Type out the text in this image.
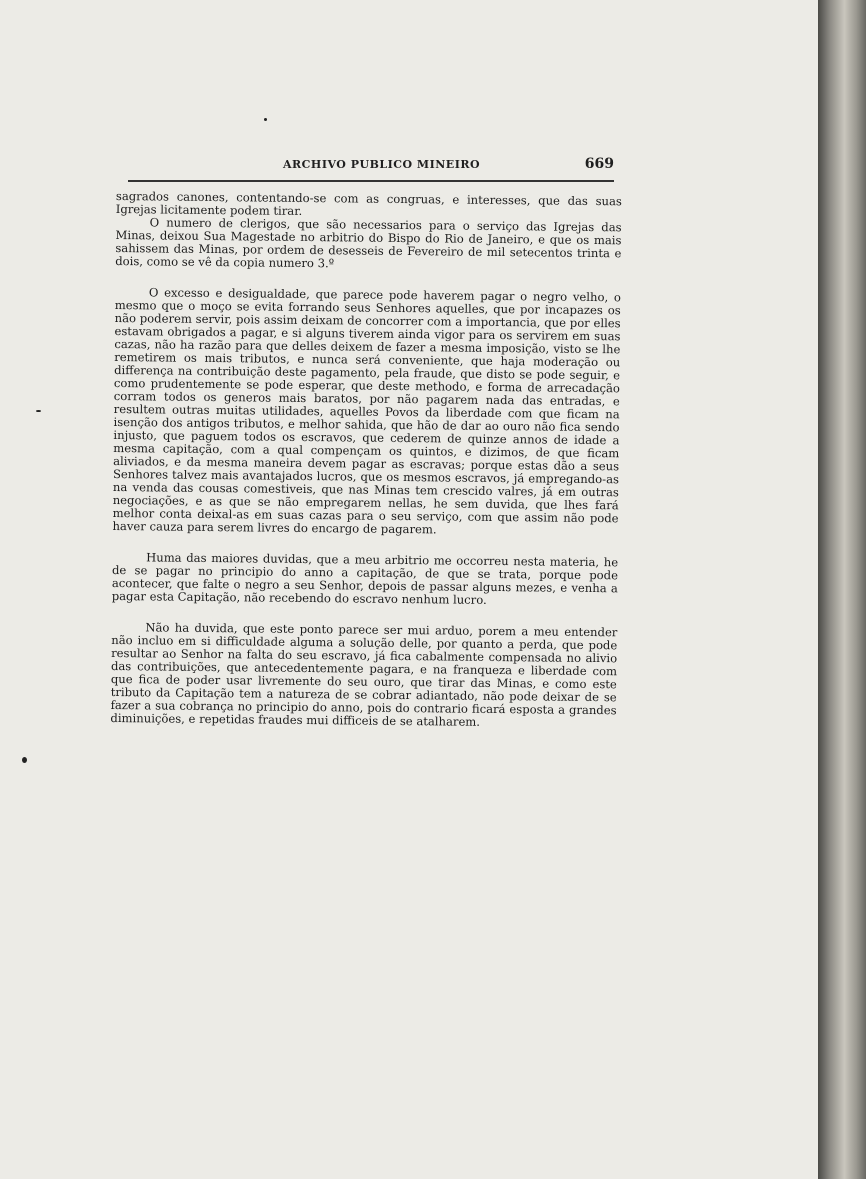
ARCHIVO PUBLICO MINEIRO	669

sagrados canones, contentando-se com as congruas, e interesses, que das suas Igrejas licitamente podem tirar.

O numero de clerigos, que são necessarios para o serviço das Igrejas das Minas, deixou Sua Magestade no arbitrio do Bispo do Rio de Janeiro, e que os mais sahissem das Minas, por ordem de desesseis de Fevereiro de mil setecentos trinta e dois, como se vê da copia numero 3.º

O excesso e desigualdade, que parece pode haverem pagar o negro velho, o mesmo que o moço se evita forrando seus Senhores aquelles, que por incapazes os não poderem servir, pois assim deixam de concorrer com a importancia, que por elles estavam obrigados a pagar, e si alguns tiverem ainda vigor para os servirem em suas cazas, não ha razão para que delles deixem de fazer a mesma imposição, visto se lhe remetirem os mais tributos, e nunca será conveniente, que haja moderação ou differença na contribuição deste pagamento, pela fraude, que disto se pode seguir, e como prudentemente se pode esperar, que deste methodo, e forma de arrecadação corram todos os generos mais baratos, por não pagarem nada das entradas, e resultem outras muitas utilidades, aquelles Povos da liberdade com que ficam na isenção dos antigos tributos, e melhor sahida, que hão de dar ao ouro não fica sendo injusto, que paguem todos os escravos, que cederem de quinze annos de idade a mesma capitação, com a qual compençam os quintos, e dizimos, de que ficam aliviados, e da mesma maneira devem pagar as escravas; porque estas dão a seus Senhores talvez mais avantajados lucros, que os mesmos escravos, já empregando-as na venda das cousas comestiveis, que nas Minas tem crescido valres, já em outras negociações, e as que se não empregarem nellas, he sem duvida, que lhes fará melhor conta deixal-as em suas cazas para o seu serviço, com que assim não pode haver cauza para serem livres do encargo de pagarem.

Huma das maiores duvidas, que a meu arbitrio me occorreu nesta materia, he de se pagar no principio do anno a capitação, de que se trata, porque pode acontecer, que falte o negro a seu Senhor, depois de passar alguns mezes, e venha a pagar esta Capitação, não recebendo do escravo nenhum lucro.

Não ha duvida, que este ponto parece ser mui arduo, porem a meu entender não incluo em si difficuldade alguma a solução delle, por quanto a perda, que pode resultar ao Senhor na falta do seu escravo, já fica cabalmente compensada no alivio das contribuições, que antecedentemente pagara, e na franqueza e liberdade com que fica de poder usar livremente do seu ouro, que tirar das Minas, e como este tributo da Capitação tem a natureza de se cobrar adiantado, não pode deixar de se fazer a sua cobrança no principio do anno, pois do contrario ficará esposta a grandes diminuições, e repetidas fraudes mui difficeis de se atalharem.
